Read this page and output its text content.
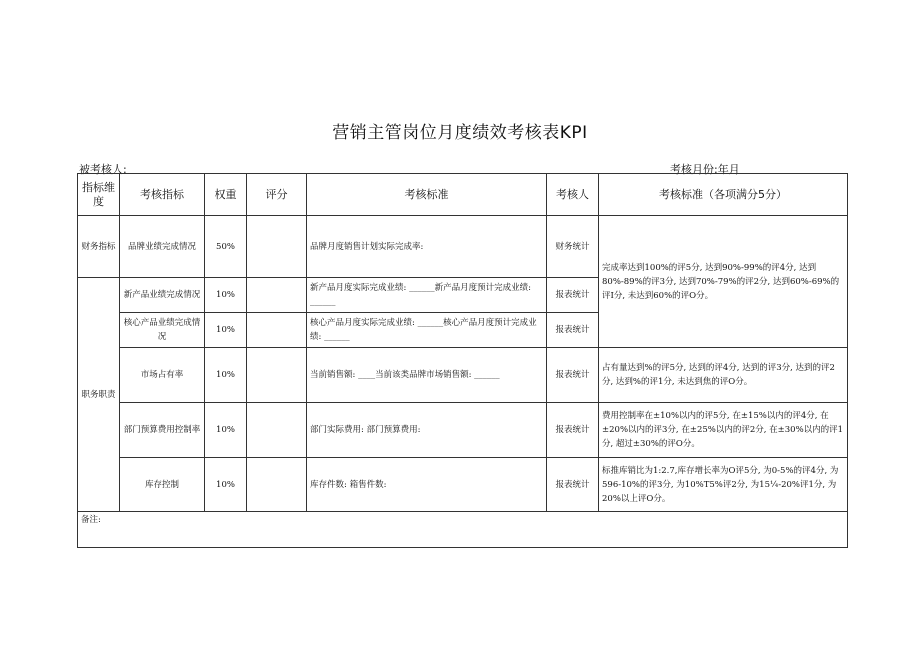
营销主管岗位月度绩效考核表KPI
被考核人:	考核月份:年月
指标维度	考核指标	权重	评分	考核标准	考核人	考核标准（各项满分5分）
财务指标	品牌业绩完成情况	50%		品牌月度销售计划实际完成率:	财务统计	完成率达到100%的评5分, 达到90%-99%的评4分, 达到80%-89%的评3分, 达到70%-79%的评2分, 达到60%-69%的评I分, 未达到60%的评O分。
职务职责	新产品业绩完成情况	10%		新产品月度实际完成业绩: ______新产品月度预计完成业绩: ______	报表统计	
	核心产品业绩完成情况	10%		核心产品月度实际完成业绩: ______核心产品月度预计完成业绩: ______	报表统计	
	市场占有率	10%		当前销售额: ____当前该类品牌市场销售额: ______	报表统计	占有量达到%的评5分, 达到的评4分, 达到的评3分, 达到的评2分, 达到%的评1分, 未达到焦的评O分。
	部门预算费用控制率	10%		部门实际费用: 部门预算费用:	报表统计	费用控制率在±10%以内的评5分, 在±15%以内的评4分, 在±20%以内的评3分, 在±25%以内的评2分, 在±30%以内的评1分, 超过±30%的评O分。
	库存控制	10%		库存件数: 箱售件数:	报表统计	标推库销比为1:2.7,库存增长率为O评5分, 为0-5%的评4分, 为596-10%的评3分, 为10%T5%评2分, 为15¼-20%评1分, 为20%以上评O分。
备注:						
